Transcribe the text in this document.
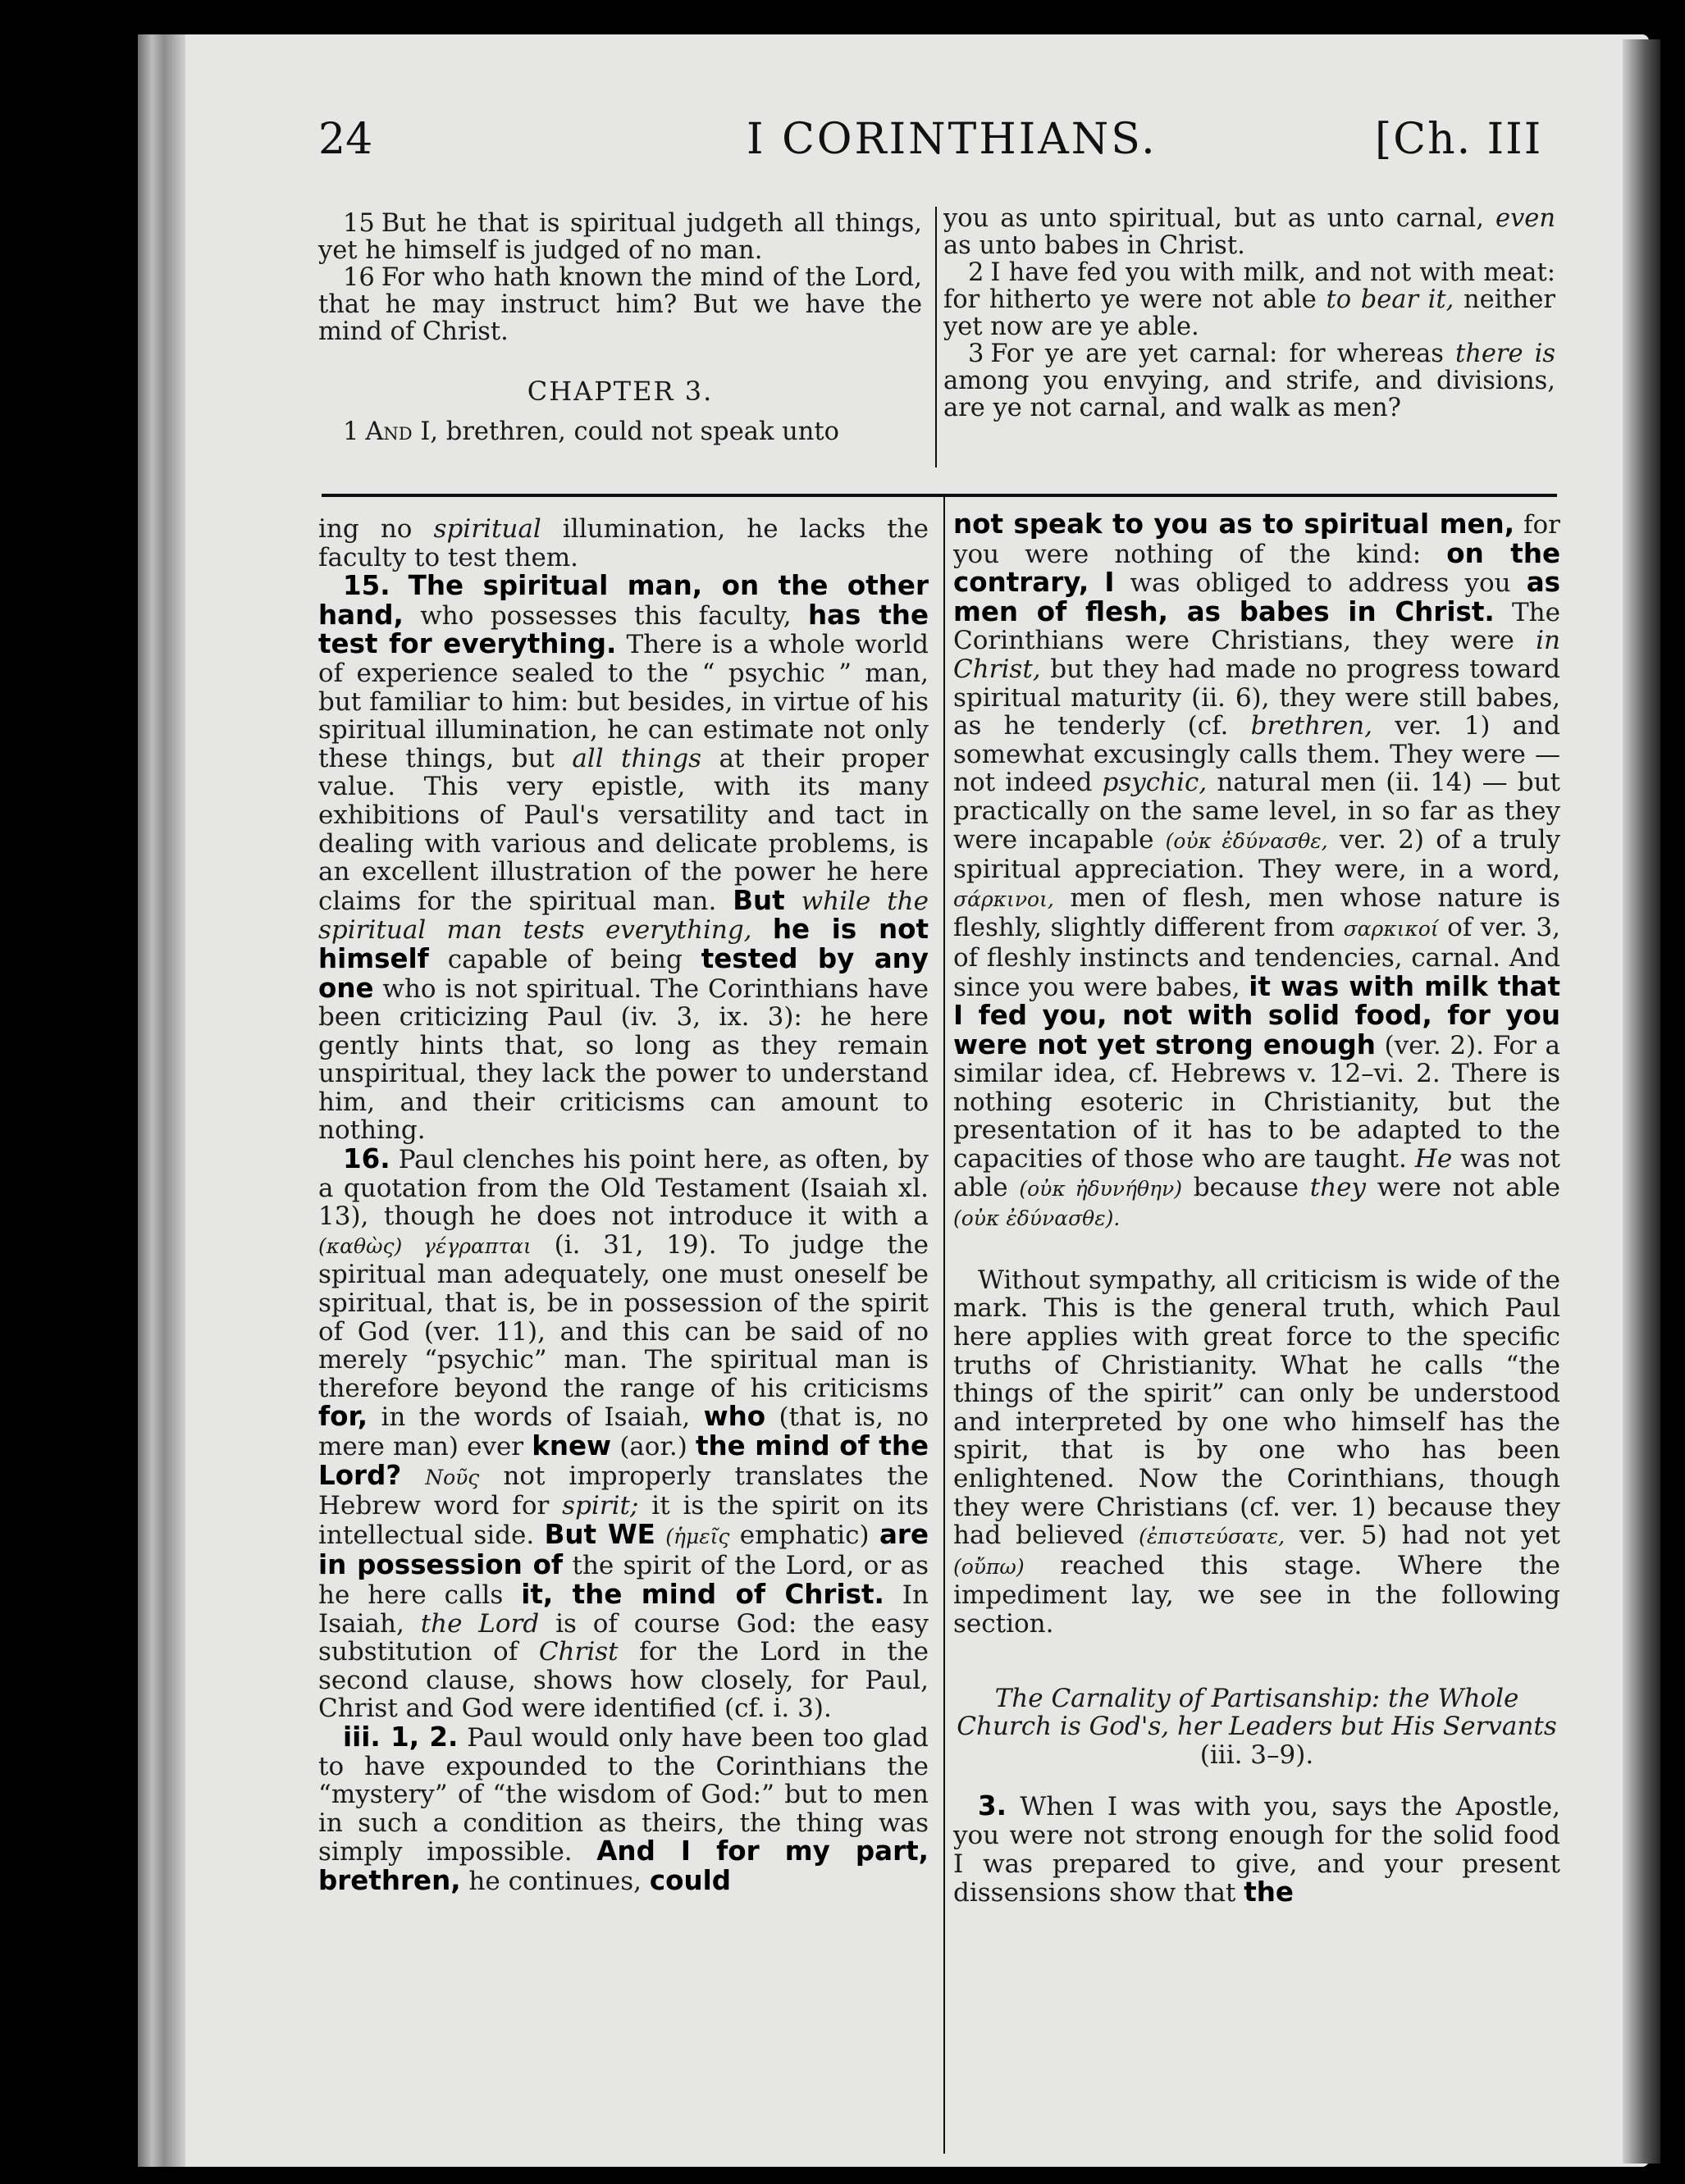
24	I CORINTHIANS.	[Ch. III

15 But he that is spiritual judgeth all things, yet he himself is judged of no man.

16 For who hath known the mind of the Lord, that he may instruct him? But we have the mind of Christ.

CHAPTER 3.

1 And I, brethren, could not speak unto

you as unto spiritual, but as unto carnal, even as unto babes in Christ.

2 I have fed you with milk, and not with meat: for hitherto ye were not able to bear it, neither yet now are ye able.

3 For ye are yet carnal: for whereas there is among you envying, and strife, and divisions, are ye not carnal, and walk as men?

ing no spiritual illumination, he lacks the faculty to test them.

15. The spiritual man, on the other hand, who possesses this faculty, has the test for everything. There is a whole world of experience sealed to the “ psychic ” man, but familiar to him: but besides, in virtue of his spiritual illumination, he can estimate not only these things, but all things at their proper value. This very epistle, with its many exhibitions of Paul's versatility and tact in dealing with various and delicate problems, is an excellent illustration of the power he here claims for the spiritual man. But while the spiritual man tests everything, he is not himself capable of being tested by any one who is not spiritual. The Corinthians have been criticizing Paul (iv. 3, ix. 3): he here gently hints that, so long as they remain unspiritual, they lack the power to understand him, and their criticisms can amount to nothing.

16. Paul clenches his point here, as often, by a quotation from the Old Testament (Isaiah xl. 13), though he does not introduce it with a (καθὼς) γέγραπται (i. 31, 19). To judge the spiritual man adequately, one must oneself be spiritual, that is, be in possession of the spirit of God (ver. 11), and this can be said of no merely “psychic” man. The spiritual man is therefore beyond the range of his criticisms for, in the words of Isaiah, who (that is, no mere man) ever knew (aor.) the mind of the Lord? Νοῦς not improperly translates the Hebrew word for spirit; it is the spirit on its intellectual side. But WE (ἡμεῖς emphatic) are in possession of the spirit of the Lord, or as he here calls it, the mind of Christ. In Isaiah, the Lord is of course God: the easy substitution of Christ for the Lord in the second clause, shows how closely, for Paul, Christ and God were identified (cf. i. 3).

iii. 1, 2. Paul would only have been too glad to have expounded to the Corinthians the “mystery” of “the wisdom of God:” but to men in such a condition as theirs, the thing was simply impossible. And I for my part, brethren, he continues, could

not speak to you as to spiritual men, for you were nothing of the kind: on the contrary, I was obliged to address you as men of flesh, as babes in Christ. The Corinthians were Christians, they were in Christ, but they had made no progress toward spiritual maturity (ii. 6), they were still babes, as he tenderly (cf. brethren, ver. 1) and somewhat excusingly calls them. They were — not indeed psychic, natural men (ii. 14) — but practically on the same level, in so far as they were incapable (οὐκ ἐδύνασθε, ver. 2) of a truly spiritual appreciation. They were, in a word, σάρκινοι, men of flesh, men whose nature is fleshly, slightly different from σαρκικοί of ver. 3, of fleshly instincts and tendencies, carnal. And since you were babes, it was with milk that I fed you, not with solid food, for you were not yet strong enough (ver. 2). For a similar idea, cf. Hebrews v. 12–vi. 2. There is nothing esoteric in Christianity, but the presentation of it has to be adapted to the capacities of those who are taught. He was not able (οὐκ ἠδυνήθην) because they were not able (οὐκ ἐδύνασθε).

Without sympathy, all criticism is wide of the mark. This is the general truth, which Paul here applies with great force to the specific truths of Christianity. What he calls “the things of the spirit” can only be understood and interpreted by one who himself has the spirit, that is by one who has been enlightened. Now the Corinthians, though they were Christians (cf. ver. 1) because they had believed (ἐπιστεύσατε, ver. 5) had not yet (οὔπω) reached this stage. Where the impediment lay, we see in the following section.

The Carnality of Partisanship: the Whole Church is God's, her Leaders but His Servants (iii. 3–9).

3. When I was with you, says the Apostle, you were not strong enough for the solid food I was prepared to give, and your present dissensions show that the
